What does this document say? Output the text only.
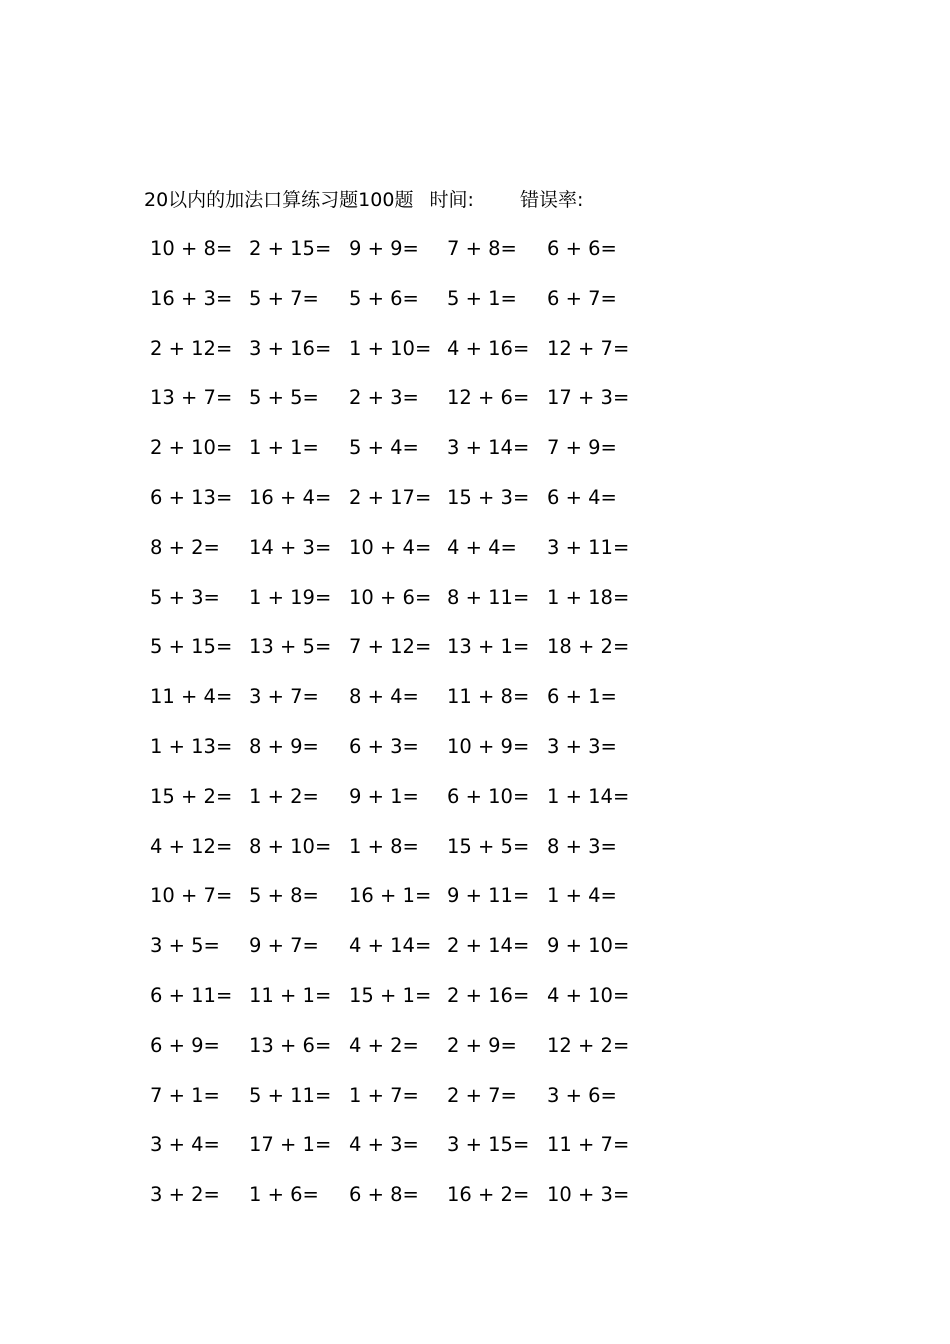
20以内的加法口算练习题100题 时间: 错误率:
10 + 8= 2 + 15= 9 + 9= 7 + 8= 6 + 6=
16 + 3= 5 + 7= 5 + 6= 5 + 1= 6 + 7=
2 + 12= 3 + 16= 1 + 10= 4 + 16= 12 + 7=
13 + 7= 5 + 5= 2 + 3= 12 + 6= 17 + 3=
2 + 10= 1 + 1= 5 + 4= 3 + 14= 7 + 9=
6 + 13= 16 + 4= 2 + 17= 15 + 3= 6 + 4=
8 + 2= 14 + 3= 10 + 4= 4 + 4= 3 + 11=
5 + 3= 1 + 19= 10 + 6= 8 + 11= 1 + 18=
5 + 15= 13 + 5= 7 + 12= 13 + 1= 18 + 2=
11 + 4= 3 + 7= 8 + 4= 11 + 8= 6 + 1=
1 + 13= 8 + 9= 6 + 3= 10 + 9= 3 + 3=
15 + 2= 1 + 2= 9 + 1= 6 + 10= 1 + 14=
4 + 12= 8 + 10= 1 + 8= 15 + 5= 8 + 3=
10 + 7= 5 + 8= 16 + 1= 9 + 11= 1 + 4=
3 + 5= 9 + 7= 4 + 14= 2 + 14= 9 + 10=
6 + 11= 11 + 1= 15 + 1= 2 + 16= 4 + 10=
6 + 9= 13 + 6= 4 + 2= 2 + 9= 12 + 2=
7 + 1= 5 + 11= 1 + 7= 2 + 7= 3 + 6=
3 + 4= 17 + 1= 4 + 3= 3 + 15= 11 + 7=
3 + 2= 1 + 6= 6 + 8= 16 + 2= 10 + 3=
